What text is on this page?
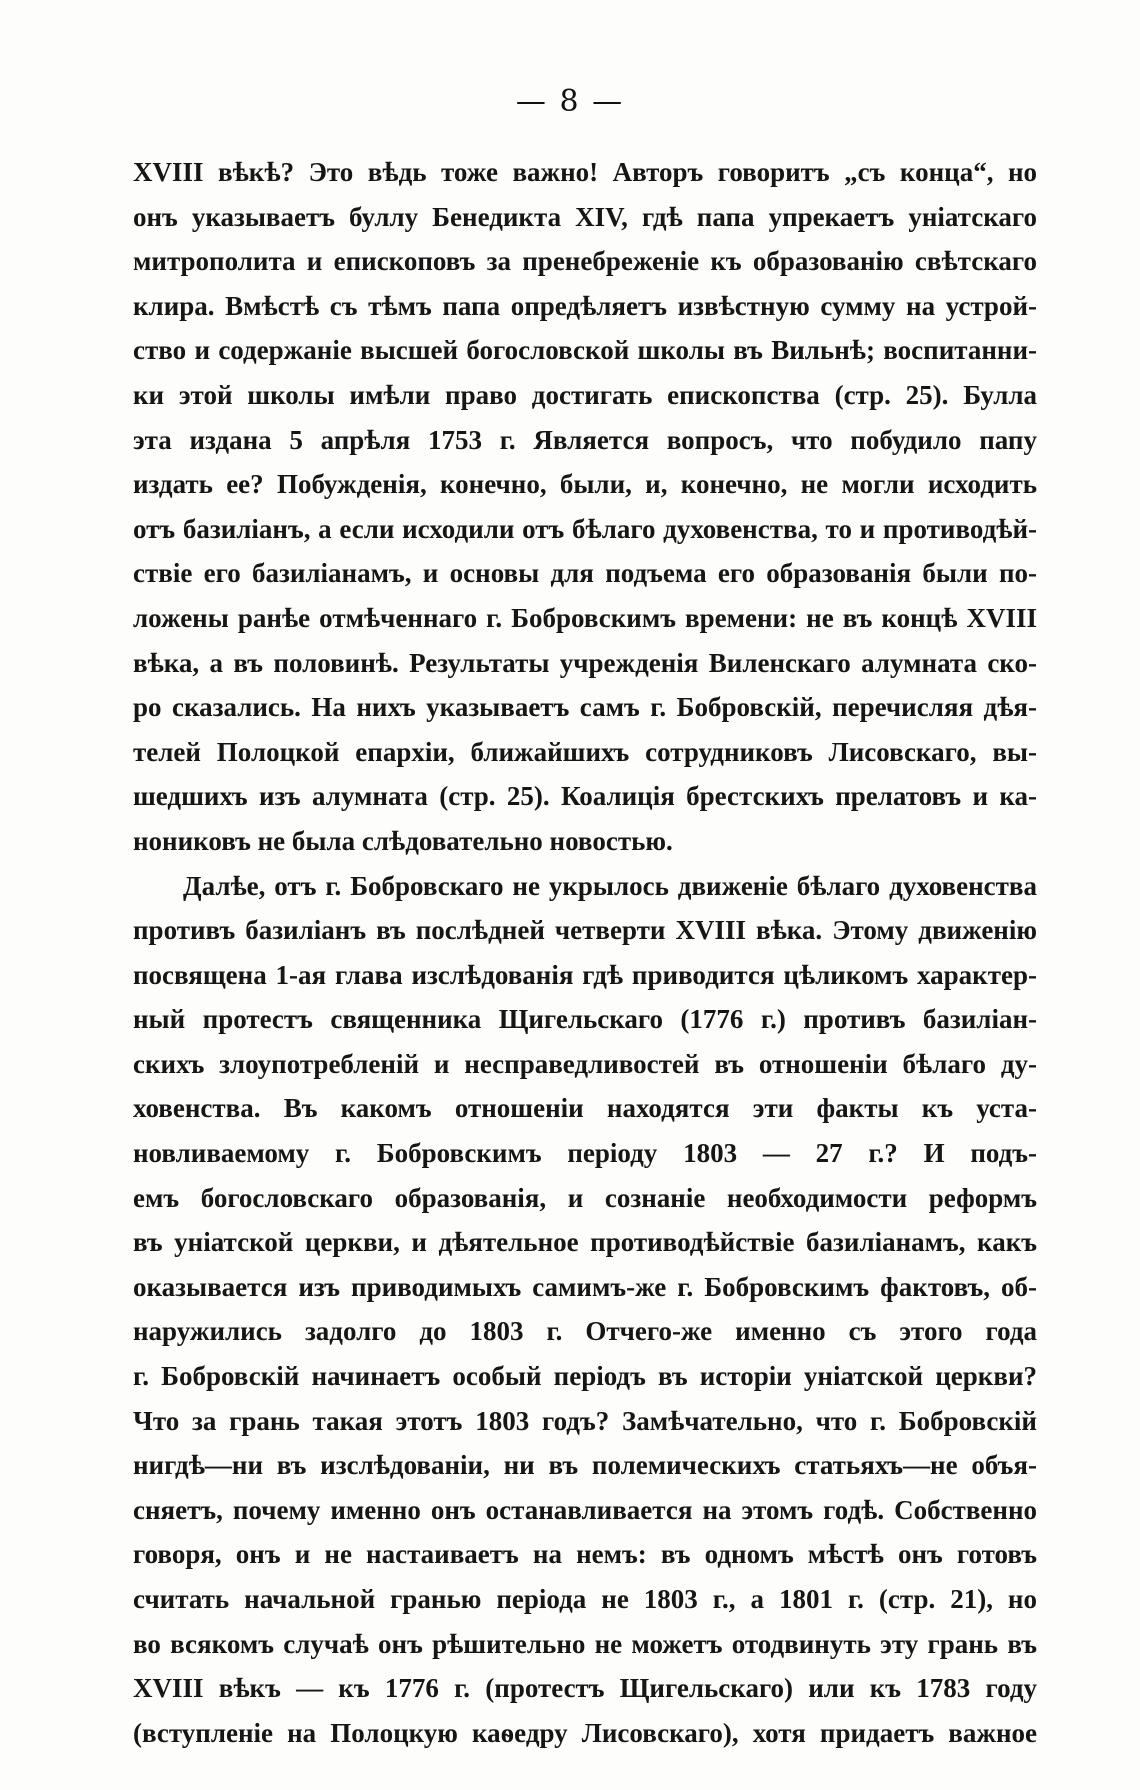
— 8 —
XVIII вѣкѣ? Это вѣдь тоже важно! Авторъ говоритъ „съ конца“, но
онъ указываетъ буллу Бенедикта XIV, гдѣ папа упрекаетъ уніатскаго
митрополита и епископовъ за пренебреженіе къ образованію свѣтскаго
клира. Вмѣстѣ съ тѣмъ папа опредѣляетъ извѣстную сумму на устрой-
ство и содержаніе высшей богословской школы въ Вильнѣ; воспитанни-
ки этой школы имѣли право достигать епископства (стр. 25). Булла
эта издана 5 апрѣля 1753 г. Является вопросъ, что побудило папу
издать ее? Побужденія, конечно, были, и, конечно, не могли исходить
отъ базиліанъ, а если исходили отъ бѣлаго духовенства, то и противодѣй-
ствіе его базиліанамъ, и основы для подъема его образованія были по-
ложены ранѣе отмѣченнаго г. Бобровскимъ времени: не въ концѣ XVIII
вѣка, а въ половинѣ. Результаты учрежденія Виленскаго алумната ско-
ро сказались. На нихъ указываетъ самъ г. Бобровскій, перечисляя дѣя-
телей Полоцкой епархіи, ближайшихъ сотрудниковъ Лисовскаго, вы-
шедшихъ изъ алумната (стр. 25). Коалиція брестскихъ прелатовъ и ка-
нониковъ не была слѣдовательно новостью.
Далѣе, отъ г. Бобровскаго не укрылось движеніе бѣлаго духовенства
противъ базиліанъ въ послѣдней четверти XVIII вѣка. Этому движенію
посвящена 1-ая глава изслѣдованія гдѣ приводится цѣликомъ характер-
ный протестъ священника Щигельскаго (1776 г.) противъ базиліан-
скихъ злоупотребленій и несправедливостей въ отношеніи бѣлаго ду-
ховенства. Въ какомъ отношеніи находятся эти факты къ уста-
новливаемому г. Бобровскимъ періоду 1803 — 27 г.? И подъ-
емъ богословскаго образованія, и сознаніе необходимости реформъ
въ уніатской церкви, и дѣятельное противодѣйствіе базиліанамъ, какъ
оказывается изъ приводимыхъ самимъ-же г. Бобровскимъ фактовъ, об-
наружились задолго до 1803 г. Отчего-же именно съ этого года
г. Бобровскій начинаетъ особый періодъ въ исторіи уніатской церкви?
Что за грань такая этотъ 1803 годъ? Замѣчательно, что г. Бобровскій
нигдѣ—ни въ изслѣдованіи, ни въ полемическихъ статьяхъ—не объя-
сняетъ, почему именно онъ останавливается на этомъ годѣ. Собственно
говоря, онъ и не настаиваетъ на немъ: въ одномъ мѣстѣ онъ готовъ
считать начальной гранью періода не 1803 г., а 1801 г. (стр. 21), но
во всякомъ случаѣ онъ рѣшительно не можетъ отодвинуть эту грань въ
XVIII вѣкъ — къ 1776 г. (протестъ Щигельскаго) или къ 1783 году
(вступленіе на Полоцкую каѳедру Лисовскаго), хотя придаетъ важное
